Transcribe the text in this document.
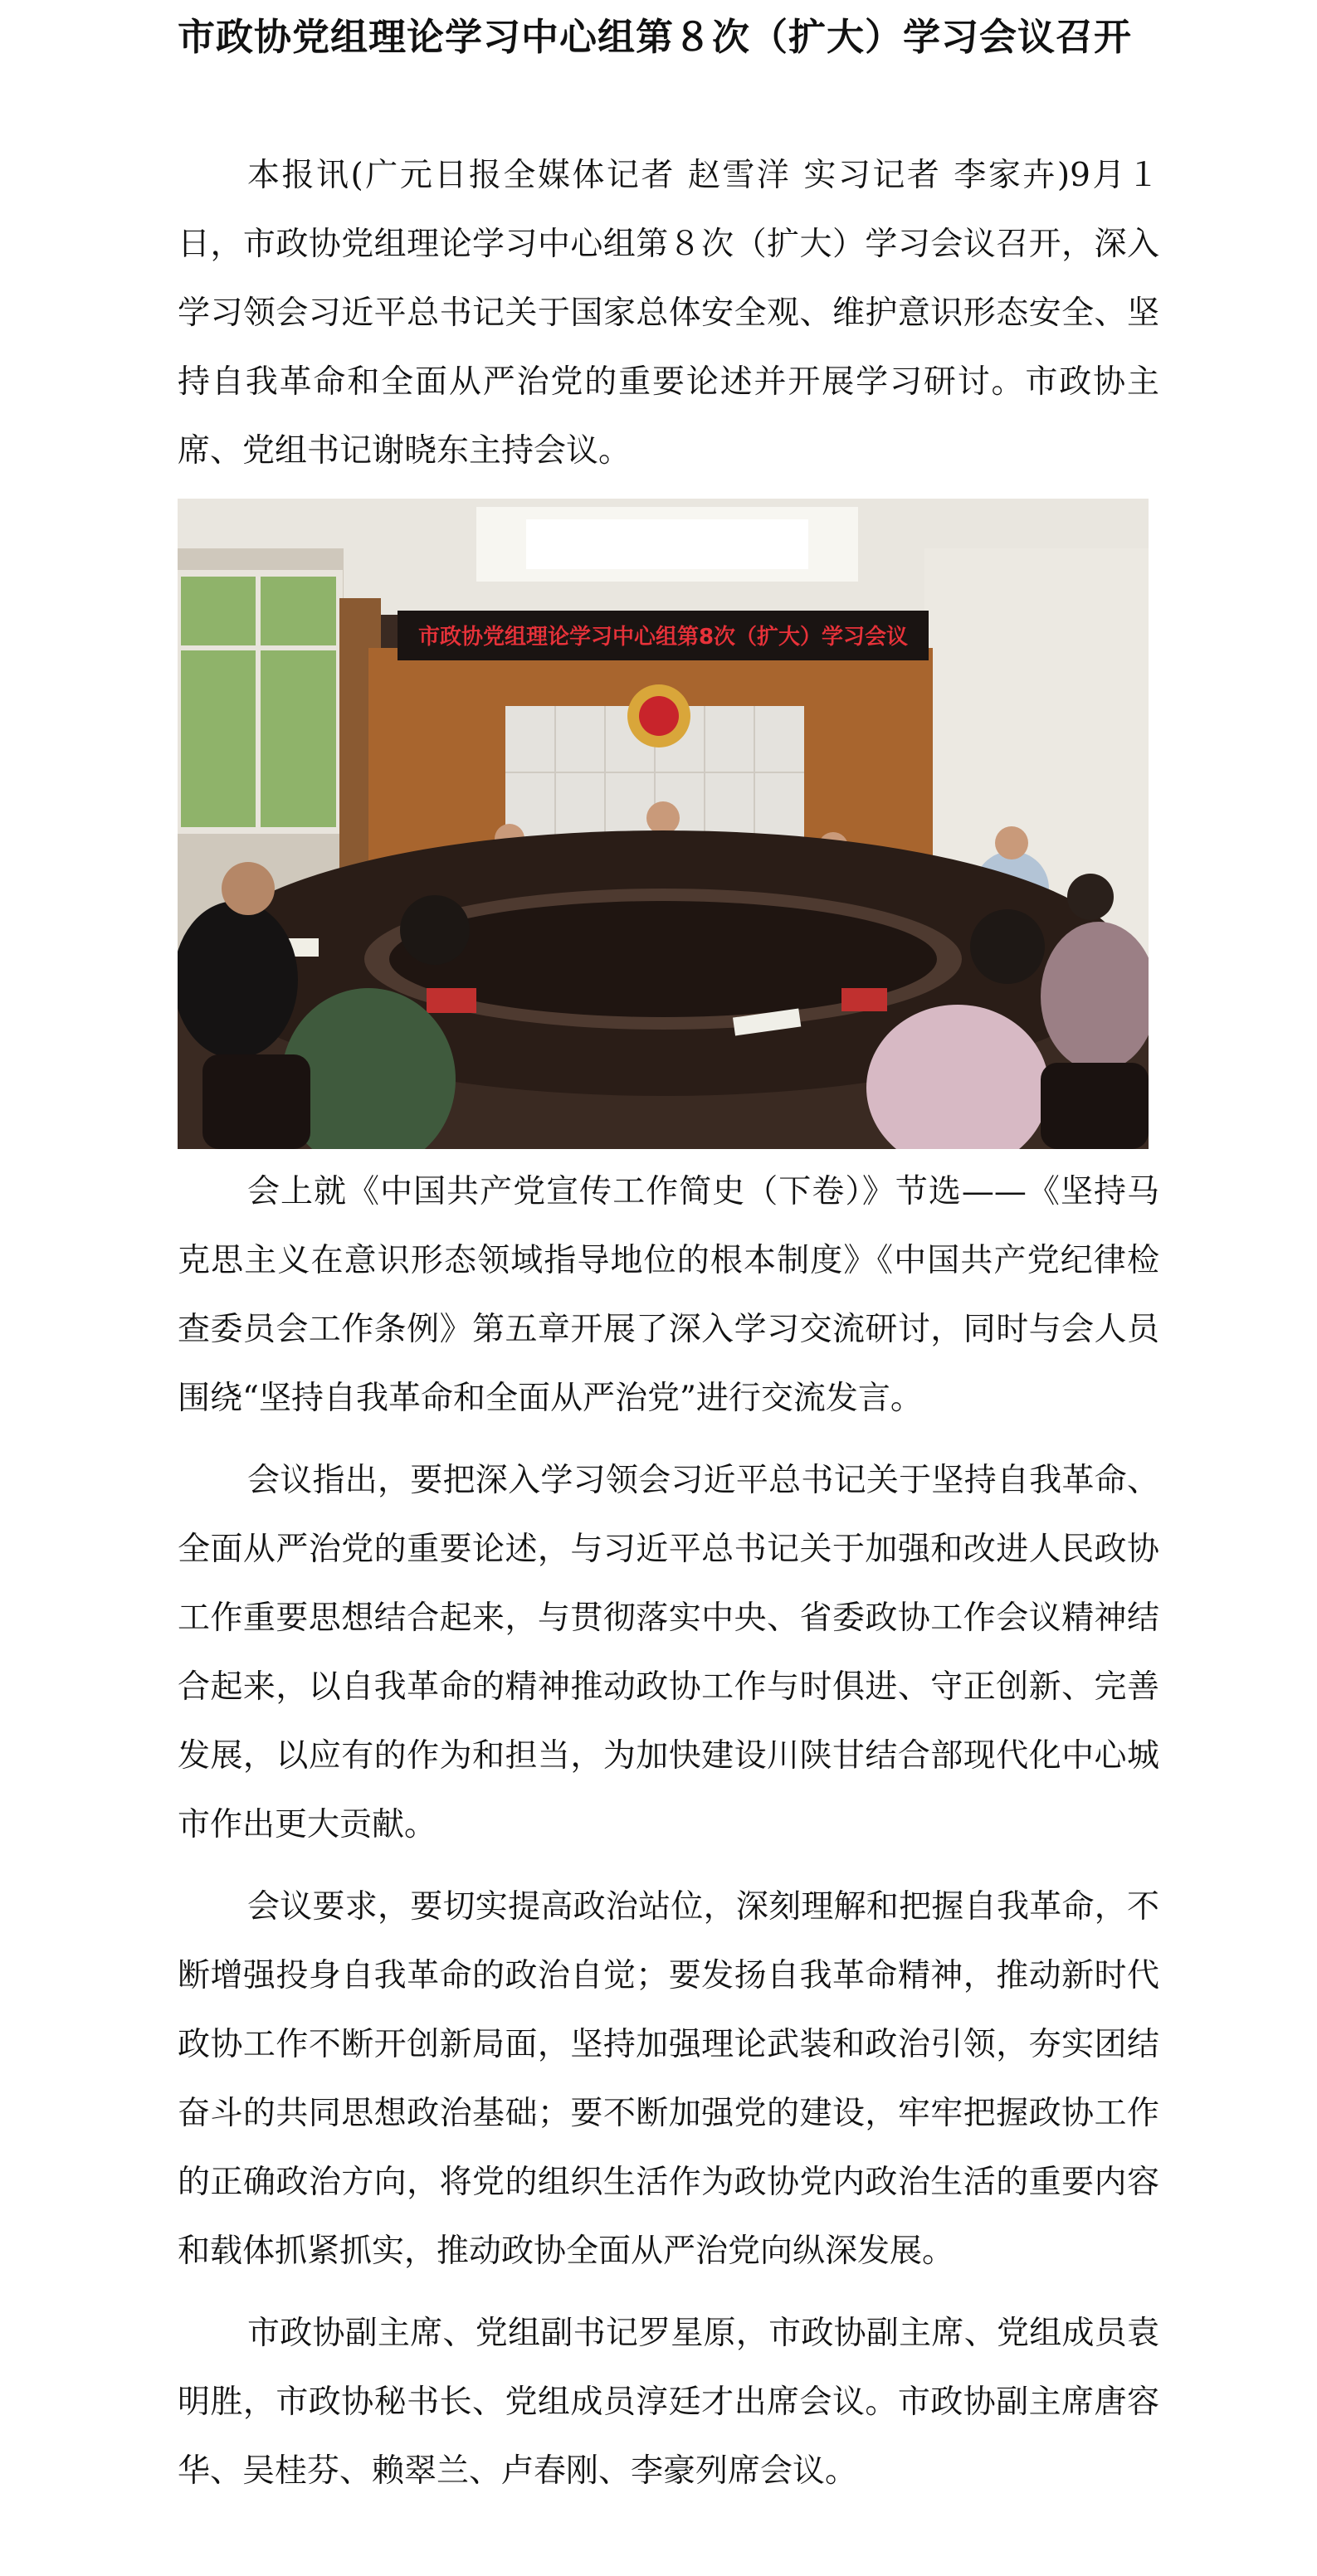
市政协党组理论学习中心组第８次（扩大）学习会议召开

本报讯(广元日报全媒体记者 赵雪洋 实习记者 李家卉)9月１日，市政协党组理论学习中心组第８次（扩大）学习会议召开，深入学习领会习近平总书记关于国家总体安全观、维护意识形态安全、坚持自我革命和全面从严治党的重要论述并开展学习研讨。市政协主席、党组书记谢晓东主持会议。

市政协党组理论学习中心组第8次（扩大）学习会议

会上就《中国共产党宣传工作简史（下卷）》节选——《坚持马克思主义在意识形态领域指导地位的根本制度》《中国共产党纪律检查委员会工作条例》第五章开展了深入学习交流研讨，同时与会人员围绕“坚持自我革命和全面从严治党”进行交流发言。

会议指出，要把深入学习领会习近平总书记关于坚持自我革命、全面从严治党的重要论述，与习近平总书记关于加强和改进人民政协工作重要思想结合起来，与贯彻落实中央、省委政协工作会议精神结合起来，以自我革命的精神推动政协工作与时俱进、守正创新、完善发展，以应有的作为和担当，为加快建设川陕甘结合部现代化中心城市作出更大贡献。

会议要求，要切实提高政治站位，深刻理解和把握自我革命，不断增强投身自我革命的政治自觉；要发扬自我革命精神，推动新时代政协工作不断开创新局面，坚持加强理论武装和政治引领，夯实团结奋斗的共同思想政治基础；要不断加强党的建设，牢牢把握政协工作的正确政治方向，将党的组织生活作为政协党内政治生活的重要内容和载体抓紧抓实，推动政协全面从严治党向纵深发展。

市政协副主席、党组副书记罗星原，市政协副主席、党组成员袁明胜，市政协秘书长、党组成员淳廷才出席会议。市政协副主席唐容华、吴桂芬、赖翠兰、卢春刚、李豪列席会议。
